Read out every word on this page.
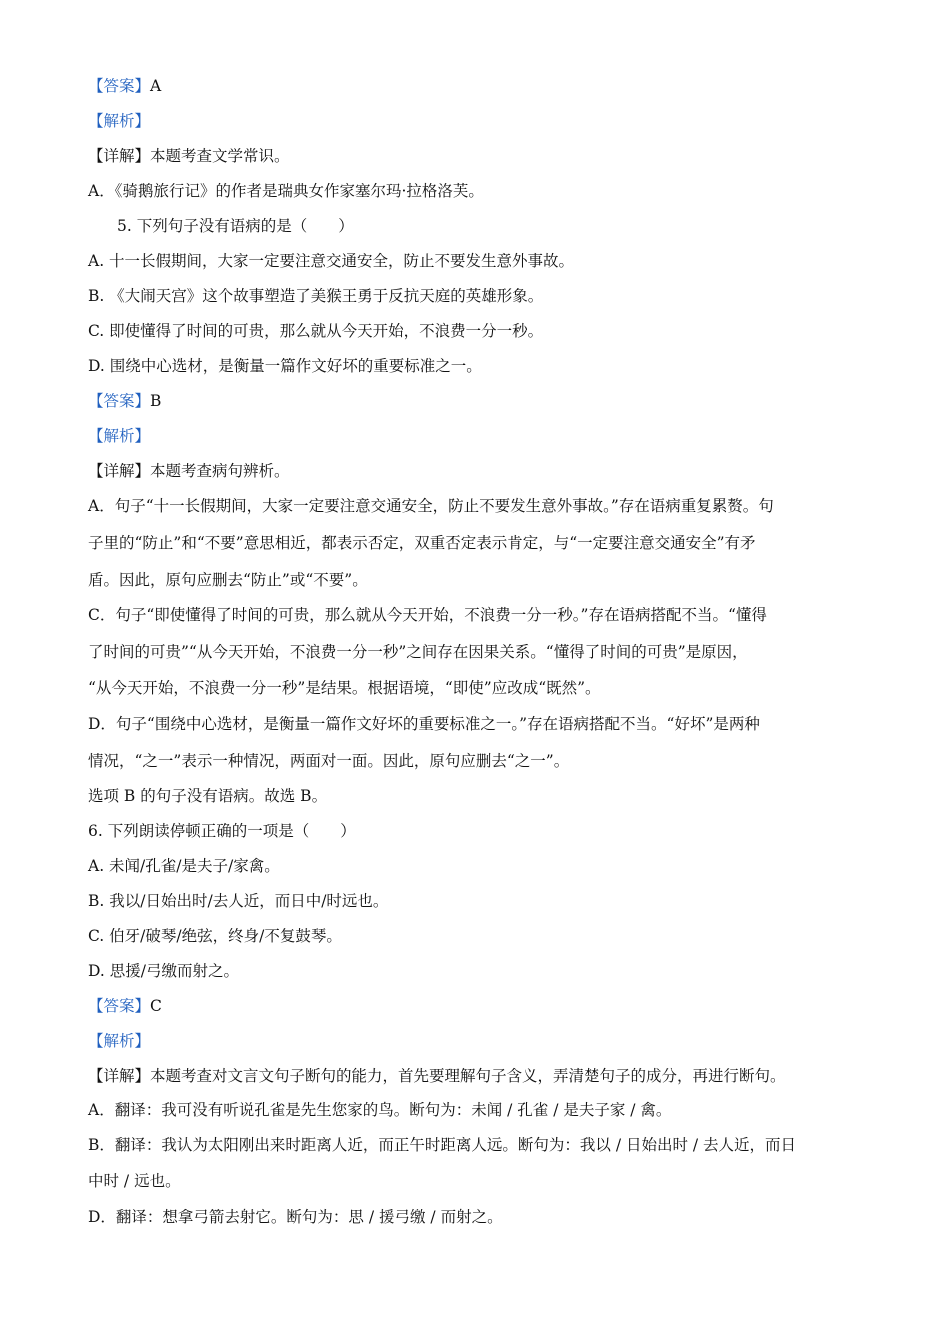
【答案】A
【解析】
【详解】本题考查文学常识。
A．《骑鹅旅行记》的作者是瑞典女作家塞尔玛·拉格洛芙。
5. 下列句子没有语病的是（　　）
A. 十一长假期间，大家一定要注意交通安全，防止不要发生意外事故。
B. 《大闹天宫》这个故事塑造了美猴王勇于反抗天庭的英雄形象。
C. 即使懂得了时间的可贵，那么就从今天开始，不浪费一分一秒。
D. 围绕中心选材，是衡量一篇作文好坏的重要标准之一。
【答案】B
【解析】
【详解】本题考查病句辨析。
A．句子“十一长假期间，大家一定要注意交通安全，防止不要发生意外事故。”存在语病重复累赘。句
子里的“防止”和“不要”意思相近，都表示否定，双重否定表示肯定，与“一定要注意交通安全”有矛
盾。因此，原句应删去“防止”或“不要”。
C．句子“即使懂得了时间的可贵，那么就从今天开始，不浪费一分一秒。”存在语病搭配不当。“懂得
了时间的可贵”“从今天开始，不浪费一分一秒”之间存在因果关系。“懂得了时间的可贵”是原因，
“从今天开始，不浪费一分一秒”是结果。根据语境，“即使”应改成“既然”。
D．句子“围绕中心选材，是衡量一篇作文好坏的重要标准之一。”存在语病搭配不当。“好坏”是两种
情况，“之一”表示一种情况，两面对一面。因此，原句应删去“之一”。
选项 B 的句子没有语病。故选 B。
6. 下列朗读停顿正确的一项是（　　）
A. 未闻/孔雀/是夫子/家禽。
B. 我以/日始出时/去人近，而日中/时远也。
C. 伯牙/破琴/绝弦，终身/不复鼓琴。
D. 思援/弓缴而射之。
【答案】C
【解析】
【详解】本题考查对文言文句子断句的能力，首先要理解句子含义，弄清楚句子的成分，再进行断句。
A．翻译：我可没有听说孔雀是先生您家的鸟。断句为：未闻 / 孔雀 / 是夫子家 / 禽。
B．翻译：我认为太阳刚出来时距离人近，而正午时距离人远。断句为：我以 / 日始出时 / 去人近，而日
中时 / 远也。
D．翻译：想拿弓箭去射它。断句为：思 / 援弓缴 / 而射之。
